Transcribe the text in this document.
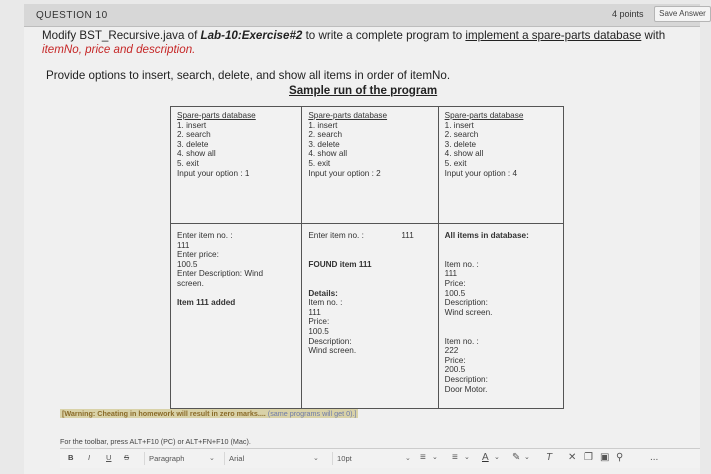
QUESTION 10	4 points	Save Answer
Modify BST_Recursive.java of Lab-10:Exercise#2 to write a complete program to implement a spare-parts database with
itemNo, price and description.
Provide options to insert, search, delete, and show all items in order of itemNo.
Sample run of the program
Spare-parts database
1. insert
2. search
3. delete
4. show all
5. exit
Input your option : 1
Enter item no. :
111
Enter price:
100.5
Enter Description: Wind
screen.

Item 111 added
Spare-parts database
1. insert
2. search
3. delete
4. show all
5. exit
Input your option : 2
Enter item no. :	111

FOUND item 111

Details:
Item no. :
111
Price:
100.5
Description:
Wind screen.
Spare-parts database
1. insert
2. search
3. delete
4. show all
5. exit
Input your option : 4
All items in database:

Item no. :
111
Price:
100.5
Description:
Wind screen.

Item no. :
222
Price:
200.5
Description:
Door Motor.
[Warning: Cheating in homework will result in zero marks.... (same programs will get 0).]
For the toolbar, press ALT+F10 (PC) or ALT+FN+F10 (Mac).
B I U S	Paragraph	⌄	Arial	⌄	10pt	⌄ ≡ ⌄ ≡ ⌄ A ⌄ ✎ ⌄ T ✕ ❐ ▣ ⚲	...
